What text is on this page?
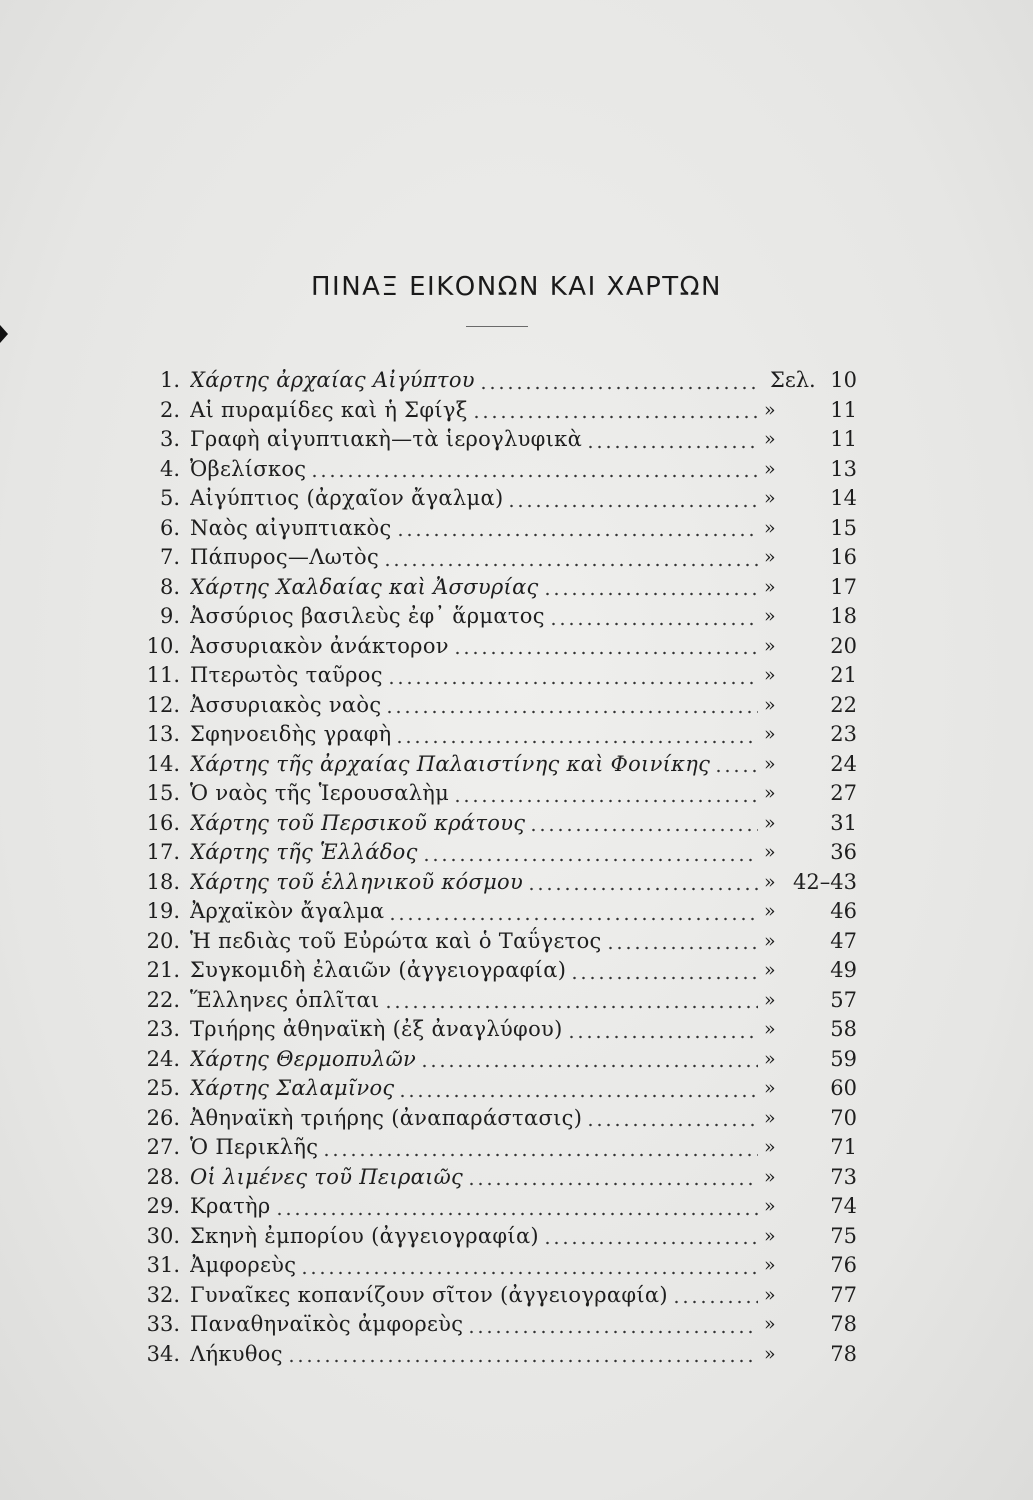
ΠΙΝΑΞ ΕΙΚΟΝΩΝ ΚΑΙ ΧΑΡΤΩΝ
1. Χάρτης ἀρχαίας Αἰγύπτου	Σελ. 10
2. Αἱ πυραμίδες καὶ ἡ Σφίγξ	»	11
3. Γραφὴ αἰγυπτιακὴ—τὰ ἱερογλυφικὰ	»	11
4. Ὀβελίσκος	»	13
5. Αἰγύπτιος (ἀρχαῖον ἄγαλμα)	»	14
6. Ναὸς αἰγυπτιακὸς	»	15
7. Πάπυρος—Λωτὸς	»	16
8. Χάρτης Χαλδαίας καὶ Ἀσσυρίας	»	17
9. Ἀσσύριος βασιλεὺς ἐφ᾽ ἅρματος	»	18
10. Ἀσσυριακὸν ἀνάκτορον	»	20
11. Πτερωτὸς ταῦρος	»	21
12. Ἀσσυριακὸς ναὸς	»	22
13. Σφηνοειδὴς γραφὴ	»	23
14. Χάρτης τῆς ἀρχαίας Παλαιστίνης καὶ Φοινίκης	»	24
15. Ὁ ναὸς τῆς Ἱερουσαλὴμ	»	27
16. Χάρτης τοῦ Περσικοῦ κράτους	»	31
17. Χάρτης τῆς Ἑλλάδος	»	36
18. Χάρτης τοῦ ἑλληνικοῦ κόσμου	» 42–43
19. Ἀρχαϊκὸν ἄγαλμα	»	46
20. Ἡ πεδιὰς τοῦ Εὐρώτα καὶ ὁ Ταΰγετος	»	47
21. Συγκομιδὴ ἐλαιῶν (ἀγγειογραφία)	»	49
22. Ἕλληνες ὁπλῖται	»	57
23. Τριήρης ἀθηναϊκὴ (ἐξ ἀναγλύφου)	»	58
24. Χάρτης Θερμοπυλῶν	»	59
25. Χάρτης Σαλαμῖνος	»	60
26. Ἀθηναϊκὴ τριήρης (ἀναπαράστασις)	»	70
27. Ὁ Περικλῆς	»	71
28. Οἱ λιμένες τοῦ Πειραιῶς	»	73
29. Κρατὴρ	»	74
30. Σκηνὴ ἐμπορίου (ἀγγειογραφία)	»	75
31. Ἀμφορεὺς	»	76
32. Γυναῖκες κοπανίζουν σῖτον (ἀγγειογραφία)	»	77
33. Παναθηναϊκὸς ἀμφορεὺς	»	78
34. Λήκυθος	»	78
